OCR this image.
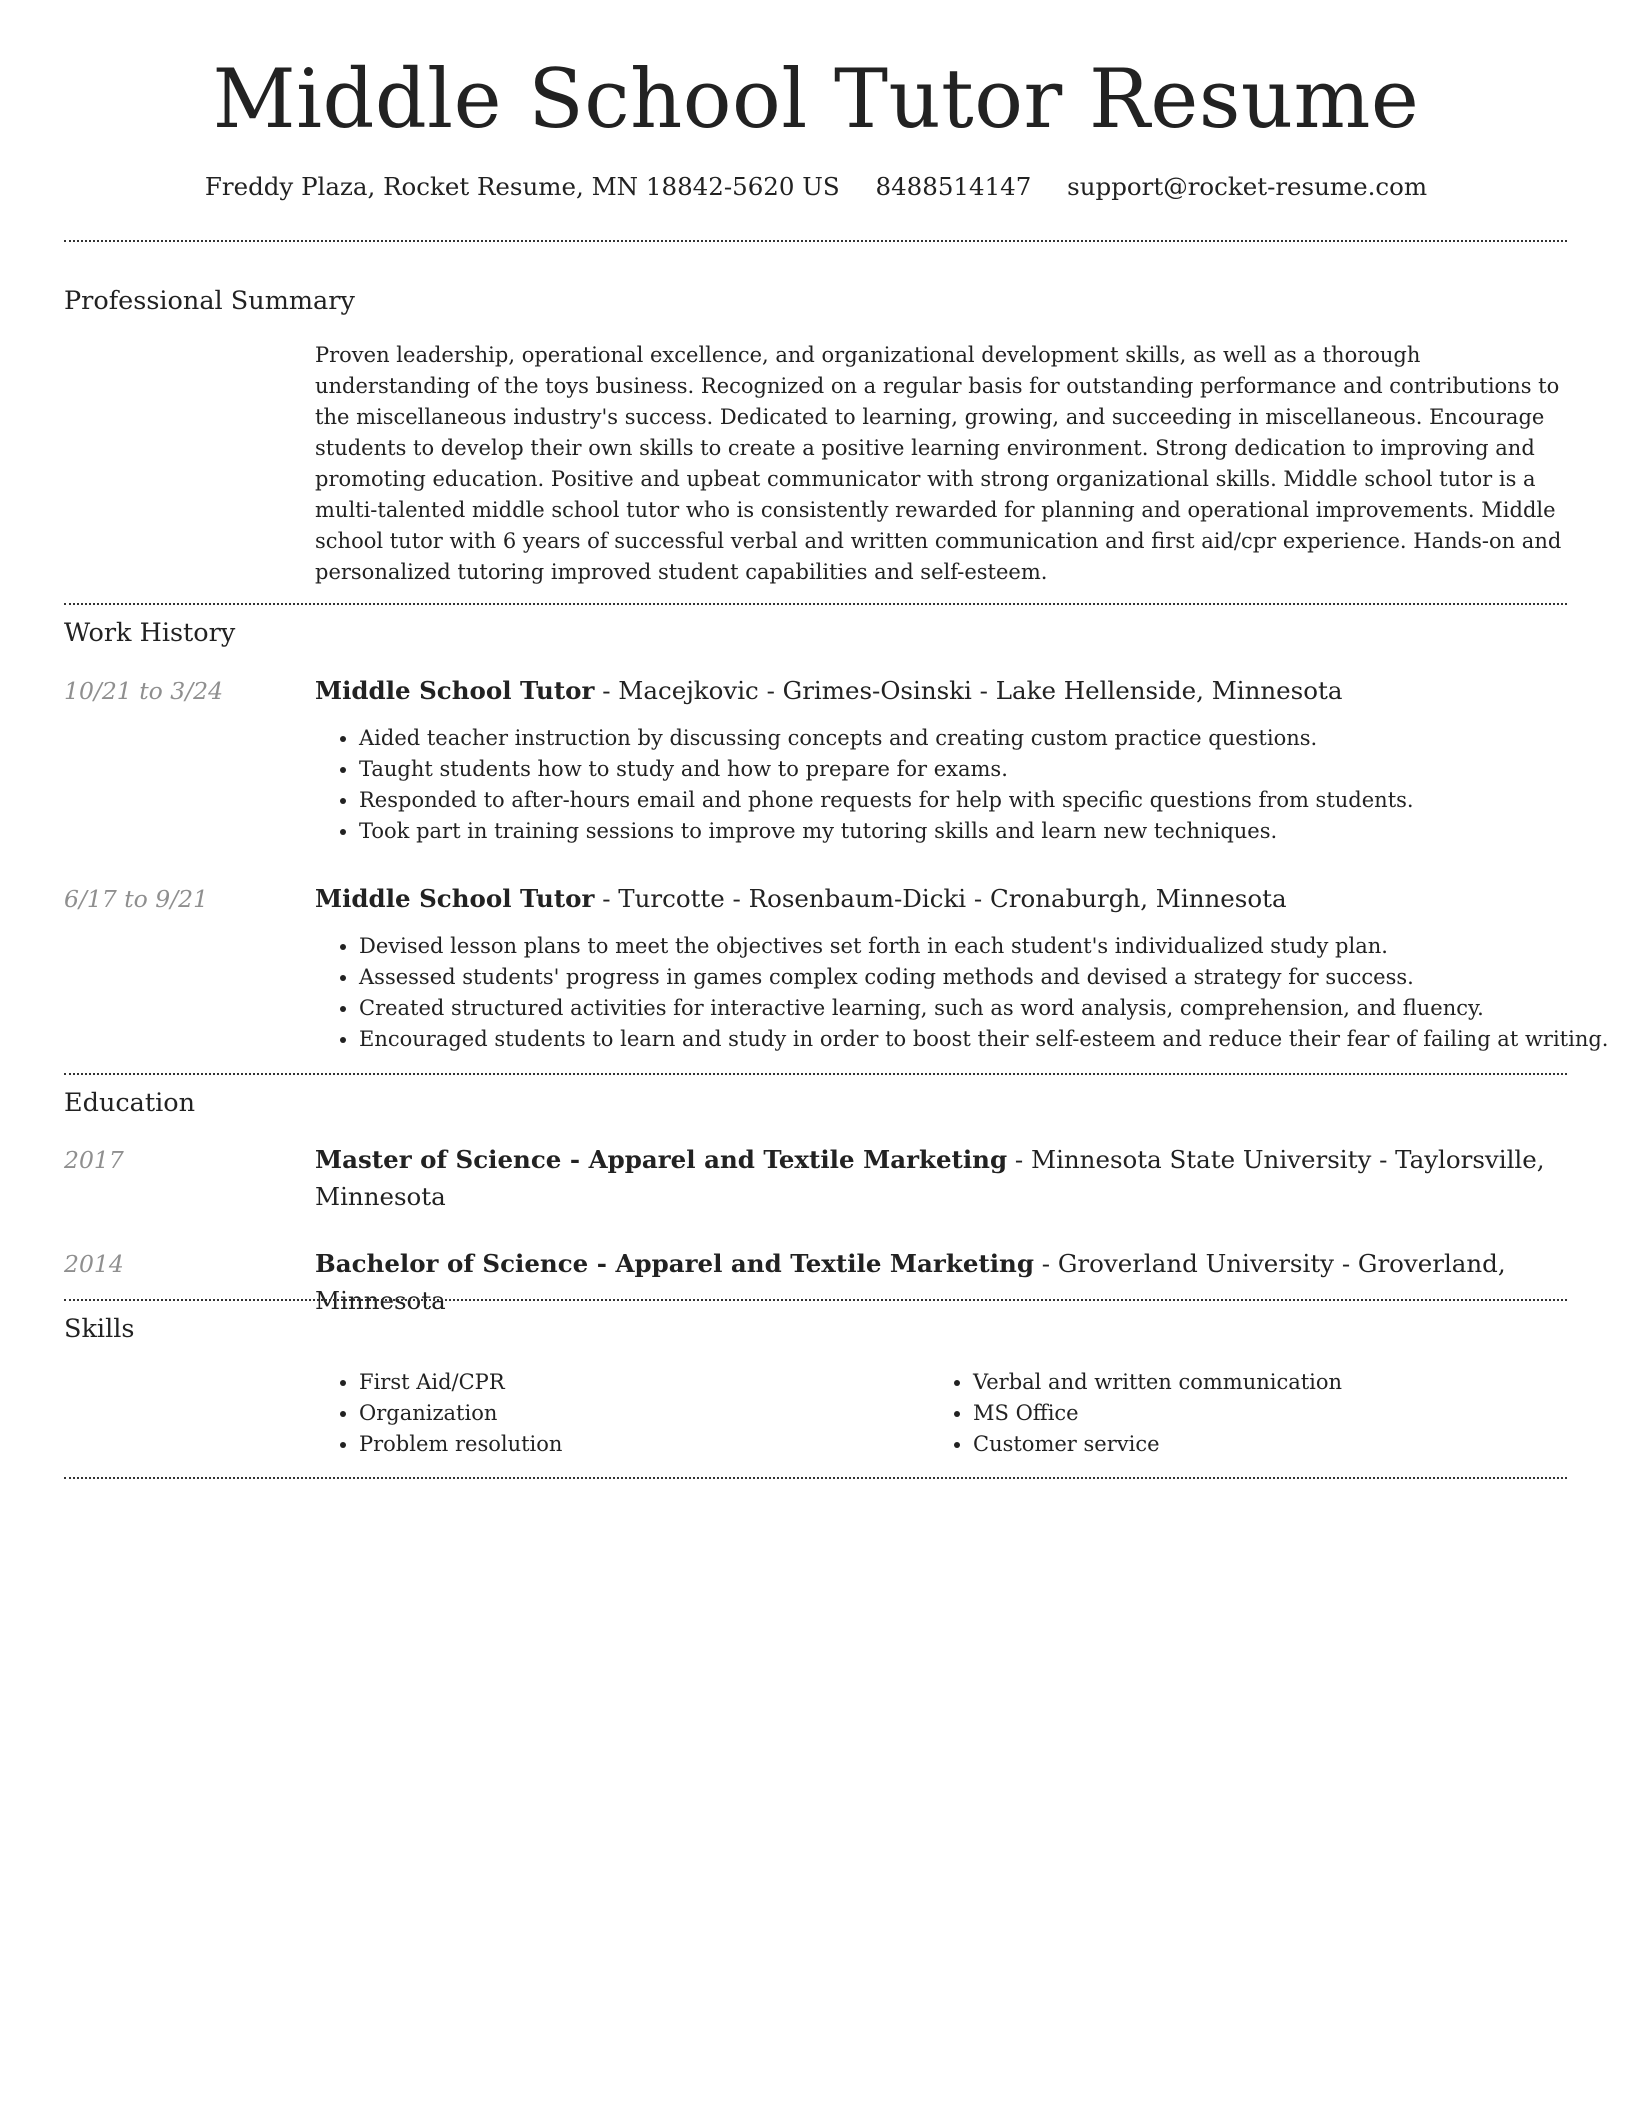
Middle School Tutor Resume
Freddy Plaza, Rocket Resume, MN 18842-5620 US 8488514147 support@rocket-resume.com
Professional Summary

Proven leadership, operational excellence, and organizational development skills, as well as a thorough understanding of the toys business. Recognized on a regular basis for outstanding performance and contributions to the miscellaneous industry's success. Dedicated to learning, growing, and succeeding in miscellaneous. Encourage students to develop their own skills to create a positive learning environment. Strong dedication to improving and promoting education. Positive and upbeat communicator with strong organizational skills. Middle school tutor is a multi-talented middle school tutor who is consistently rewarded for planning and operational improvements. Middle school tutor with 6 years of successful verbal and written communication and first aid/cpr experience. Hands-on and personalized tutoring improved student capabilities and self-esteem.

Work History
10/21 to 3/24	Middle School Tutor - Macejkovic - Grimes-Osinski - Lake Hellenside, Minnesota
• Aided teacher instruction by discussing concepts and creating custom practice questions.
• Taught students how to study and how to prepare for exams.
• Responded to after-hours email and phone requests for help with specific questions from students.
• Took part in training sessions to improve my tutoring skills and learn new techniques.
6/17 to 9/21	Middle School Tutor - Turcotte - Rosenbaum-Dicki - Cronaburgh, Minnesota
• Devised lesson plans to meet the objectives set forth in each student's individualized study plan.
• Assessed students' progress in games complex coding methods and devised a strategy for success.
• Created structured activities for interactive learning, such as word analysis, comprehension, and fluency.
• Encouraged students to learn and study in order to boost their self-esteem and reduce their fear of failing at writing.
Education
2017	Master of Science - Apparel and Textile Marketing - Minnesota State University - Taylorsville, Minnesota
2014	Bachelor of Science - Apparel and Textile Marketing - Groverland University - Groverland, Minnesota
Skills
• First Aid/CPR
• Organization
• Problem resolution
• Verbal and written communication
• MS Office
• Customer service
